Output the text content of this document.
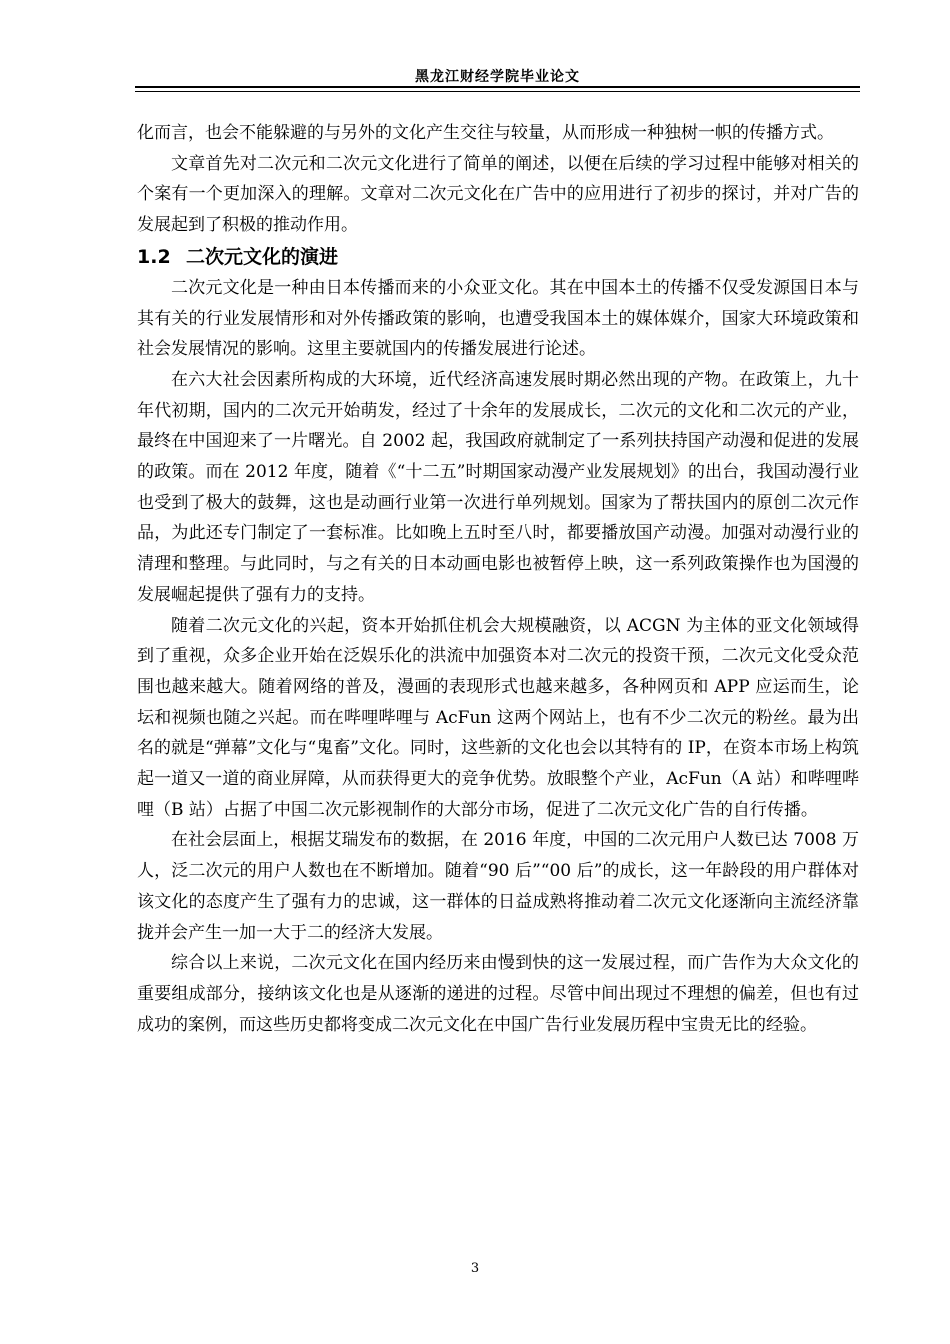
黑龙江财经学院毕业论文

化而言，也会不能躲避的与另外的文化产生交往与较量，从而形成一种独树一帜的传播方式。

文章首先对二次元和二次元文化进行了简单的阐述，以便在后续的学习过程中能够对相关的个案有一个更加深入的理解。文章对二次元文化在广告中的应用进行了初步的探讨，并对广告的发展起到了积极的推动作用。

1.2 二次元文化的演进

二次元文化是一种由日本传播而来的小众亚文化。其在中国本土的传播不仅受发源国日本与其有关的行业发展情形和对外传播政策的影响，也遭受我国本土的媒体媒介，国家大环境政策和社会发展情况的影响。这里主要就国内的传播发展进行论述。

在六大社会因素所构成的大环境，近代经济高速发展时期必然出现的产物。在政策上，九十年代初期，国内的二次元开始萌发，经过了十余年的发展成长，二次元的文化和二次元的产业，最终在中国迎来了一片曙光。自 2002 起，我国政府就制定了一系列扶持国产动漫和促进的发展的政策。而在 2012 年度，随着《“十二五”时期国家动漫产业发展规划》的出台，我国动漫行业也受到了极大的鼓舞，这也是动画行业第一次进行单列规划。国家为了帮扶国内的原创二次元作品，为此还专门制定了一套标准。比如晚上五时至八时，都要播放国产动漫。加强对动漫行业的清理和整理。与此同时，与之有关的日本动画电影也被暂停上映，这一系列政策操作也为国漫的发展崛起提供了强有力的支持。

随着二次元文化的兴起，资本开始抓住机会大规模融资，以 ACGN 为主体的亚文化领域得到了重视，众多企业开始在泛娱乐化的洪流中加强资本对二次元的投资干预，二次元文化受众范围也越来越大。随着网络的普及，漫画的表现形式也越来越多，各种网页和 APP 应运而生，论坛和视频也随之兴起。而在哔哩哔哩与 AcFun 这两个网站上，也有不少二次元的粉丝。最为出名的就是“弹幕”文化与“鬼畜”文化。同时，这些新的文化也会以其特有的 IP，在资本市场上构筑起一道又一道的商业屏障，从而获得更大的竞争优势。放眼整个产业，AcFun（A 站）和哔哩哔哩（B 站）占据了中国二次元影视制作的大部分市场，促进了二次元文化广告的自行传播。

在社会层面上，根据艾瑞发布的数据，在 2016 年度，中国的二次元用户人数已达 7008 万人，泛二次元的用户人数也在不断增加。随着“90 后”“00 后”的成长，这一年龄段的用户群体对该文化的态度产生了强有力的忠诚，这一群体的日益成熟将推动着二次元文化逐渐向主流经济靠拢并会产生一加一大于二的经济大发展。

综合以上来说，二次元文化在国内经历来由慢到快的这一发展过程，而广告作为大众文化的重要组成部分，接纳该文化也是从逐渐的递进的过程。尽管中间出现过不理想的偏差，但也有过成功的案例，而这些历史都将变成二次元文化在中国广告行业发展历程中宝贵无比的经验。

3
